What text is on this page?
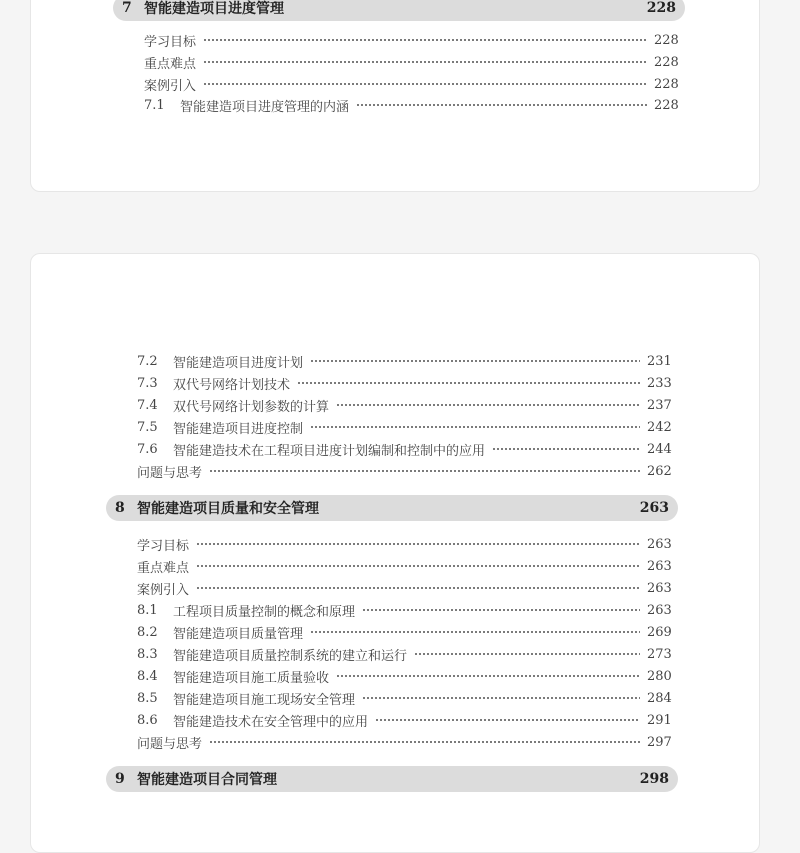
7 智能建造项目进度管理	228
学习目标	228
重点难点	228
案例引入	228
7.1	智能建造项目进度管理的内涵	228
7.2	智能建造项目进度计划	231
7.3	双代号网络计划技术	233
7.4	双代号网络计划参数的计算	237
7.5	智能建造项目进度控制	242
7.6	智能建造技术在工程项目进度计划编制和控制中的应用	244
问题与思考	262
8 智能建造项目质量和安全管理	263
学习目标	263
重点难点	263
案例引入	263
8.1	工程项目质量控制的概念和原理	263
8.2	智能建造项目质量管理	269
8.3	智能建造项目质量控制系统的建立和运行	273
8.4	智能建造项目施工质量验收	280
8.5	智能建造项目施工现场安全管理	284
8.6	智能建造技术在安全管理中的应用	291
问题与思考	297
9 智能建造项目合同管理	298
